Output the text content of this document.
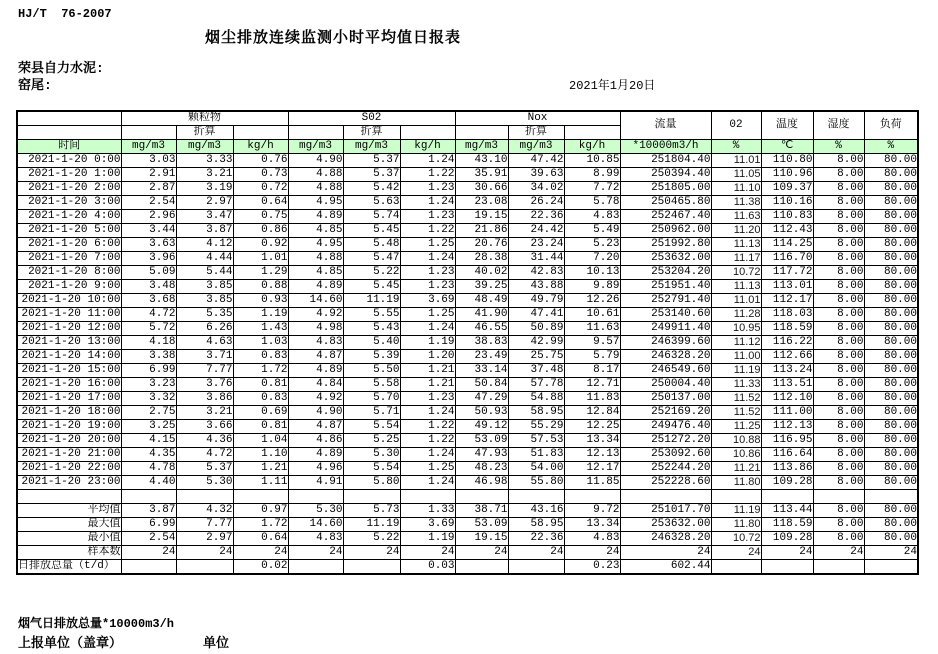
HJ/T  76-2007
烟尘排放连续监测小时平均值日报表
荣县自力水泥:
窑尾:	2021年1月20日
	颗粒物			S02			Nox			流量	02	温度	湿度	负荷
		折算			折算			折算						
时间	mg/m3	mg/m3	kg/h	mg/m3	mg/m3	kg/h	mg/m3	mg/m3	kg/h	*10000m3/h	%	℃	%	%
2021-1-20 0:00	3.03	3.33	0.76	4.90	5.37	1.24	43.10	47.42	10.85	251804.40	11.01	110.80	8.00	80.00
2021-1-20 1:00	2.91	3.21	0.73	4.88	5.37	1.22	35.91	39.63	8.99	250394.40	11.05	110.96	8.00	80.00
2021-1-20 2:00	2.87	3.19	0.72	4.88	5.42	1.23	30.66	34.02	7.72	251805.00	11.10	109.37	8.00	80.00
2021-1-20 3:00	2.54	2.97	0.64	4.95	5.63	1.24	23.08	26.24	5.78	250465.80	11.38	110.16	8.00	80.00
2021-1-20 4:00	2.96	3.47	0.75	4.89	5.74	1.23	19.15	22.36	4.83	252467.40	11.63	110.83	8.00	80.00
2021-1-20 5:00	3.44	3.87	0.86	4.85	5.45	1.22	21.86	24.42	5.49	250962.00	11.20	112.43	8.00	80.00
2021-1-20 6:00	3.63	4.12	0.92	4.95	5.48	1.25	20.76	23.24	5.23	251992.80	11.13	114.25	8.00	80.00
2021-1-20 7:00	3.96	4.44	1.01	4.88	5.47	1.24	28.38	31.44	7.20	253632.00	11.17	116.70	8.00	80.00
2021-1-20 8:00	5.09	5.44	1.29	4.85	5.22	1.23	40.02	42.83	10.13	253204.20	10.72	117.72	8.00	80.00
2021-1-20 9:00	3.48	3.85	0.88	4.89	5.45	1.23	39.25	43.88	9.89	251951.40	11.13	113.01	8.00	80.00
2021-1-20 10:00	3.68	3.85	0.93	14.60	11.19	3.69	48.49	49.79	12.26	252791.40	11.01	112.17	8.00	80.00
2021-1-20 11:00	4.72	5.35	1.19	4.92	5.55	1.25	41.90	47.41	10.61	253140.60	11.28	118.03	8.00	80.00
2021-1-20 12:00	5.72	6.26	1.43	4.98	5.43	1.24	46.55	50.89	11.63	249911.40	10.95	118.59	8.00	80.00
2021-1-20 13:00	4.18	4.63	1.03	4.83	5.40	1.19	38.83	42.99	9.57	246399.60	11.12	116.22	8.00	80.00
2021-1-20 14:00	3.38	3.71	0.83	4.87	5.39	1.20	23.49	25.75	5.79	246328.20	11.00	112.66	8.00	80.00
2021-1-20 15:00	6.99	7.77	1.72	4.89	5.50	1.21	33.14	37.48	8.17	246549.60	11.19	113.24	8.00	80.00
2021-1-20 16:00	3.23	3.76	0.81	4.84	5.58	1.21	50.84	57.78	12.71	250004.40	11.33	113.51	8.00	80.00
2021-1-20 17:00	3.32	3.86	0.83	4.92	5.70	1.23	47.29	54.88	11.83	250137.00	11.52	112.10	8.00	80.00
2021-1-20 18:00	2.75	3.21	0.69	4.90	5.71	1.24	50.93	58.95	12.84	252169.20	11.52	111.00	8.00	80.00
2021-1-20 19:00	3.25	3.66	0.81	4.87	5.54	1.22	49.12	55.29	12.25	249476.40	11.25	112.13	8.00	80.00
2021-1-20 20:00	4.15	4.36	1.04	4.86	5.25	1.22	53.09	57.53	13.34	251272.20	10.88	116.95	8.00	80.00
2021-1-20 21:00	4.35	4.72	1.10	4.89	5.30	1.24	47.93	51.83	12.13	253092.60	10.86	116.64	8.00	80.00
2021-1-20 22:00	4.78	5.37	1.21	4.96	5.54	1.25	48.23	54.00	12.17	252244.20	11.21	113.86	8.00	80.00
2021-1-20 23:00	4.40	5.30	1.11	4.91	5.80	1.24	46.98	55.80	11.85	252228.60	11.80	109.28	8.00	80.00

平均值	3.87	4.32	0.97	5.30	5.73	1.33	38.71	43.16	9.72	251017.70	11.19	113.44	8.00	80.00
最大值	6.99	7.77	1.72	14.60	11.19	3.69	53.09	58.95	13.34	253632.00	11.80	118.59	8.00	80.00
最小值	2.54	2.97	0.64	4.83	5.22	1.19	19.15	22.36	4.83	246328.20	10.72	109.28	8.00	80.00
样本数	24	24	24	24	24	24	24	24	24	24	24	24	24	24
日排放总量（t/d）			0.02			0.03			0.23	602.44				
烟气日排放总量*10000m3/h
上报单位（盖章）	单位
